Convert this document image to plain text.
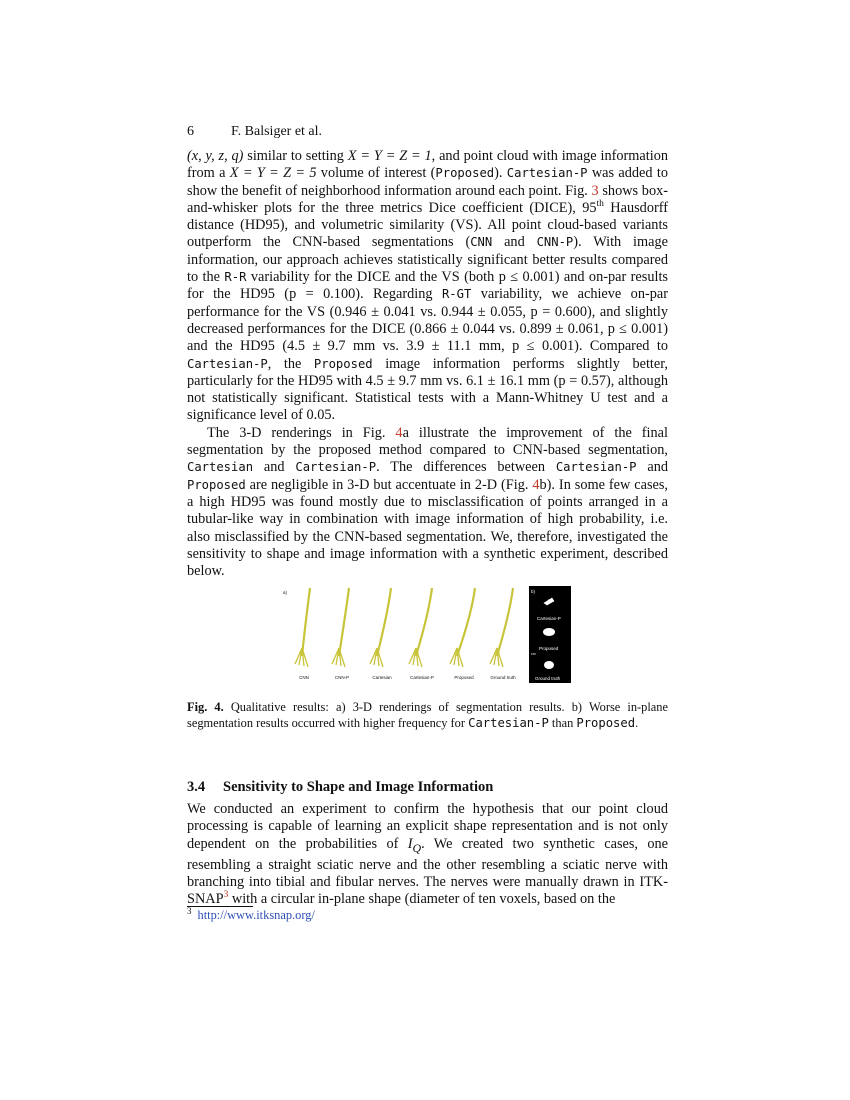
6	F. Balsiger et al.

(x, y, z, q) similar to setting X = Y = Z = 1, and point cloud with image information from a X = Y = Z = 5 volume of interest (Proposed). Cartesian-P was added to show the benefit of neighborhood information around each point. Fig. 3 shows box-and-whisker plots for the three metrics Dice coefficient (DICE), 95th Hausdorff distance (HD95), and volumetric similarity (VS). All point cloud-based variants outperform the CNN-based segmentations (CNN and CNN-P). With image information, our approach achieves statistically significant better results compared to the R-R variability for the DICE and the VS (both p ≤ 0.001) and on-par results for the HD95 (p = 0.100). Regarding R-GT variability, we achieve on-par performance for the VS (0.946 ± 0.041 vs. 0.944 ± 0.055, p = 0.600), and slightly decreased performances for the DICE (0.866 ± 0.044 vs. 0.899 ± 0.061, p ≤ 0.001) and the HD95 (4.5 ± 9.7 mm vs. 3.9 ± 11.1 mm, p ≤ 0.001). Compared to Cartesian-P, the Proposed image information performs slightly better, particularly for the HD95 with 4.5 ± 9.7 mm vs. 6.1 ± 16.1 mm (p = 0.57), although not statistically significant. Statistical tests with a Mann-Whitney U test and a significance level of 0.05.

The 3-D renderings in Fig. 4a illustrate the improvement of the final segmentation by the proposed method compared to CNN-based segmentation, Cartesian and Cartesian-P. The differences between Cartesian-P and Proposed are negligible in 3-D but accentuate in 2-D (Fig. 4b). In some few cases, a high HD95 was found mostly due to misclassification of points arranged in a tubular-like way in combination with image information of high probability, i.e. also misclassified by the CNN-based segmentation. We, therefore, investigated the sensitivity to shape and image information with a synthetic experiment, described below.

a)
CNN	CNN-P	Cartesian	Cartesian-P	Proposed	Ground truth
b)
Cartesian-P
Proposed
cm
Ground truth
Fig. 4. Qualitative results: a) 3-D renderings of segmentation results. b) Worse in-plane segmentation results occurred with higher frequency for Cartesian-P than Proposed.
3.4 Sensitivity to Shape and Image Information
We conducted an experiment to confirm the hypothesis that our point cloud processing is capable of learning an explicit shape representation and is not only dependent on the probabilities of $I_Q$. We created two synthetic cases, one resembling a straight sciatic nerve and the other resembling a sciatic nerve with branching into tibial and fibular nerves. The nerves were manually drawn in ITK-SNAP$^3$ with a circular in-plane shape (diameter of ten voxels, based on the
$^3$ http://www.itksnap.org/
